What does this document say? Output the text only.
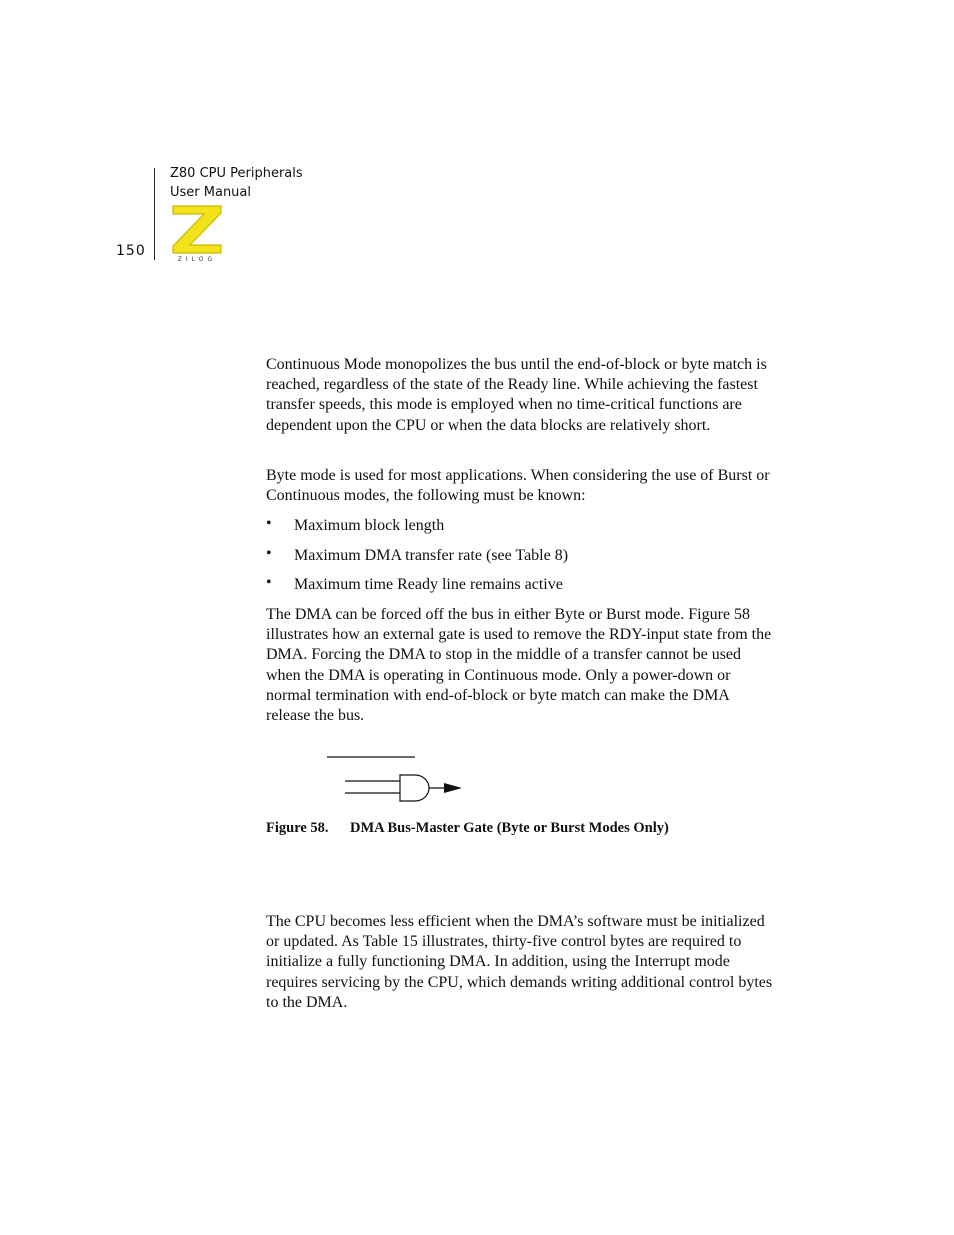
150
Z80 CPU Peripherals
User Manual
ZILOG

Continuous Mode monopolizes the bus until the end-of-block or byte match is reached, regardless of the state of the Ready line. While achieving the fastest transfer speeds, this mode is employed when no time-critical functions are dependent upon the CPU or when the data blocks are relatively short.

Byte mode is used for most applications. When considering the use of Burst or Continuous modes, the following must be known:

• Maximum block length
• Maximum DMA transfer rate (see Table 8)
• Maximum time Ready line remains active

The DMA can be forced off the bus in either Byte or Burst mode. Figure 58 illustrates how an external gate is used to remove the RDY-input state from the DMA. Forcing the DMA to stop in the middle of a transfer cannot be used when the DMA is operating in Continuous mode. Only a power-down or normal termination with end-of-block or byte match can make the DMA release the bus.

Figure 58. DMA Bus-Master Gate (Byte or Burst Modes Only)

The CPU becomes less efficient when the DMA’s software must be initialized or updated. As Table 15 illustrates, thirty-five control bytes are required to initialize a fully functioning DMA. In addition, using the Interrupt mode requires servicing by the CPU, which demands writing additional control bytes to the DMA.
